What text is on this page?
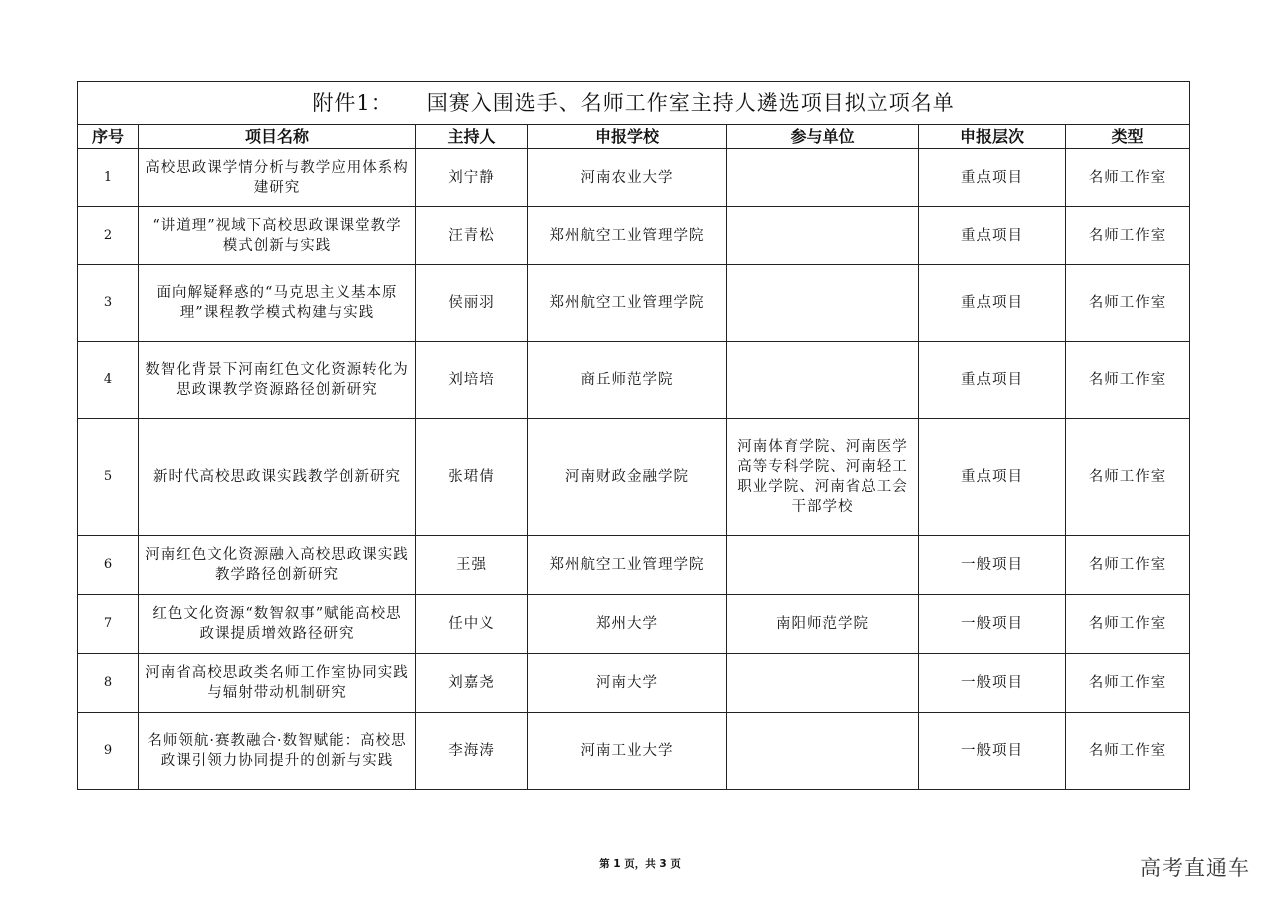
附件1： 国赛入围选手、名师工作室主持人遴选项目拟立项名单						
序号	项目名称	主持人	申报学校	参与单位	申报层次	类型
1	高校思政课学情分析与教学应用体系构建研究	刘宁静	河南农业大学		重点项目	名师工作室
2	“讲道理”视域下高校思政课课堂教学模式创新与实践	汪青松	郑州航空工业管理学院		重点项目	名师工作室
3	面向解疑释惑的“马克思主义基本原理”课程教学模式构建与实践	侯丽羽	郑州航空工业管理学院		重点项目	名师工作室
4	数智化背景下河南红色文化资源转化为思政课教学资源路径创新研究	刘培培	商丘师范学院		重点项目	名师工作室
5	新时代高校思政课实践教学创新研究	张珺倩	河南财政金融学院	河南体育学院、河南医学高等专科学院、河南轻工职业学院、河南省总工会干部学校	重点项目	名师工作室
6	河南红色文化资源融入高校思政课实践教学路径创新研究	王强	郑州航空工业管理学院		一般项目	名师工作室
7	红色文化资源“数智叙事”赋能高校思政课提质增效路径研究	任中义	郑州大学	南阳师范学院	一般项目	名师工作室
8	河南省高校思政类名师工作室协同实践与辐射带动机制研究	刘嘉尧	河南大学		一般项目	名师工作室
9	名师领航·赛教融合·数智赋能：高校思政课引领力协同提升的创新与实践	李海涛	河南工业大学		一般项目	名师工作室
第 1 页，共 3 页	高考直通车
